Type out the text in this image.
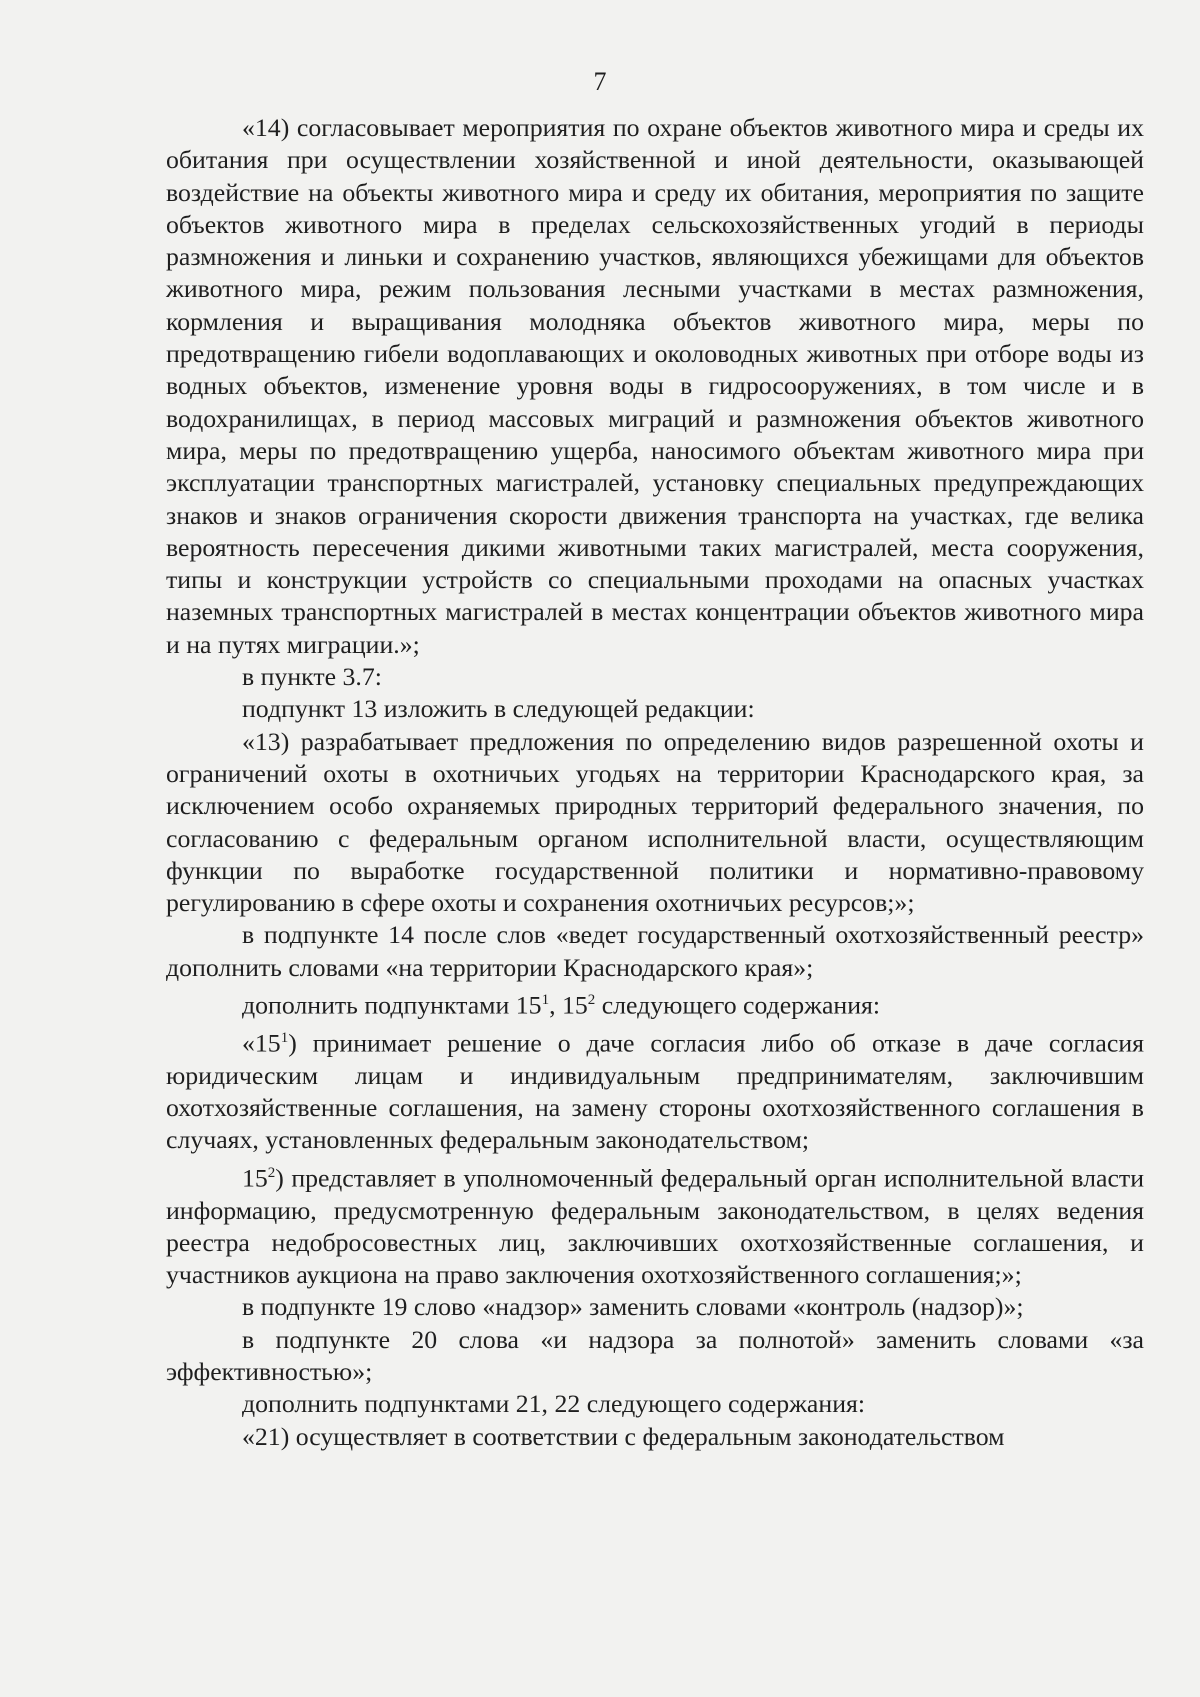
7

«14) согласовывает мероприятия по охране объектов животного мира и среды их обитания при осуществлении хозяйственной и иной деятельности, оказывающей воздействие на объекты животного мира и среду их обитания, мероприятия по защите объектов животного мира в пределах сельскохозяйственных угодий в периоды размножения и линьки и сохранению участков, являющихся убежищами для объектов животного мира, режим пользования лесными участками в местах размножения, кормления и выращивания молодняка объектов животного мира, меры по предотвращению гибели водоплавающих и околоводных животных при отборе воды из водных объектов, изменение уровня воды в гидросооружениях, в том числе и в водохранилищах, в период массовых миграций и размножения объектов животного мира, меры по предотвращению ущерба, наносимого объектам животного мира при эксплуатации транспортных магистралей, установку специальных предупреждающих знаков и знаков ограничения скорости движения транспорта на участках, где велика вероятность пересечения дикими животными таких магистралей, места сооружения, типы и конструкции устройств со специальными проходами на опасных участках наземных транспортных магистралей в местах концентрации объектов животного мира и на путях миграции.»;

в пункте 3.7:

подпункт 13 изложить в следующей редакции:

«13) разрабатывает предложения по определению видов разрешенной охоты и ограничений охоты в охотничьих угодьях на территории Краснодарского края, за исключением особо охраняемых природных территорий федерального значения, по согласованию с федеральным органом исполнительной власти, осуществляющим функции по выработке государственной политики и нормативно-правовому регулированию в сфере охоты и сохранения охотничьих ресурсов;»;

в подпункте 14 после слов «ведет государственный охотхозяйственный реестр» дополнить словами «на территории Краснодарского края»;

дополнить подпунктами $15^1$, $15^2$ следующего содержания:

«$15^1$) принимает решение о даче согласия либо об отказе в даче согласия юридическим лицам и индивидуальным предпринимателям, заключившим охотхозяйственные соглашения, на замену стороны охотхозяйственного соглашения в случаях, установленных федеральным законодательством;

$15^2$) представляет в уполномоченный федеральный орган исполнительной власти информацию, предусмотренную федеральным законодательством, в целях ведения реестра недобросовестных лиц, заключивших охотхозяйственные соглашения, и участников аукциона на право заключения охотхозяйственного соглашения;»;

в подпункте 19 слово «надзор» заменить словами «контроль (надзор)»;

в подпункте 20 слова «и надзора за полнотой» заменить словами «за эффективностью»;

дополнить подпунктами 21, 22 следующего содержания:

«21) осуществляет в соответствии с федеральным законодательством
